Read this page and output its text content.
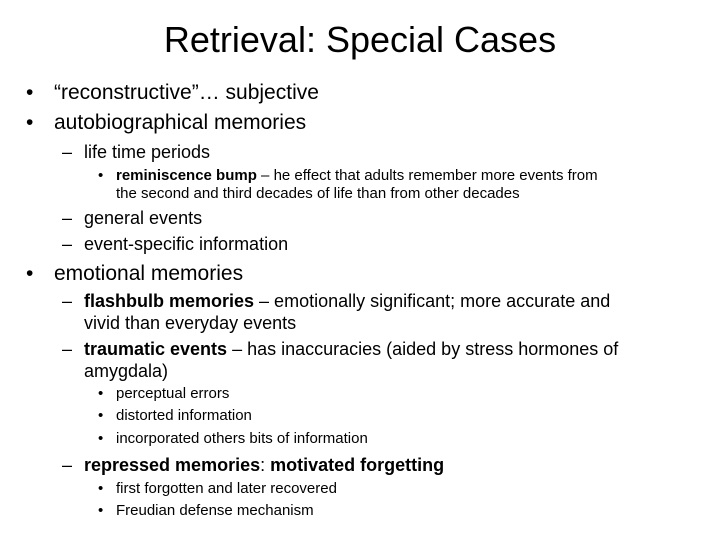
Retrieval: Special Cases
• “reconstructive”… subjective
• autobiographical memories
– life time periods
• reminiscence bump – he effect that adults remember more events from
the second and third decades of life than from other decades
– general events
– event-specific information
• emotional memories
– flashbulb memories – emotionally significant; more accurate and
vivid than everyday events
– traumatic events – has inaccuracies (aided by stress hormones of
amygdala)
• perceptual errors
• distorted information
• incorporated others bits of information
– repressed memories: motivated forgetting
• first forgotten and later recovered
• Freudian defense mechanism
